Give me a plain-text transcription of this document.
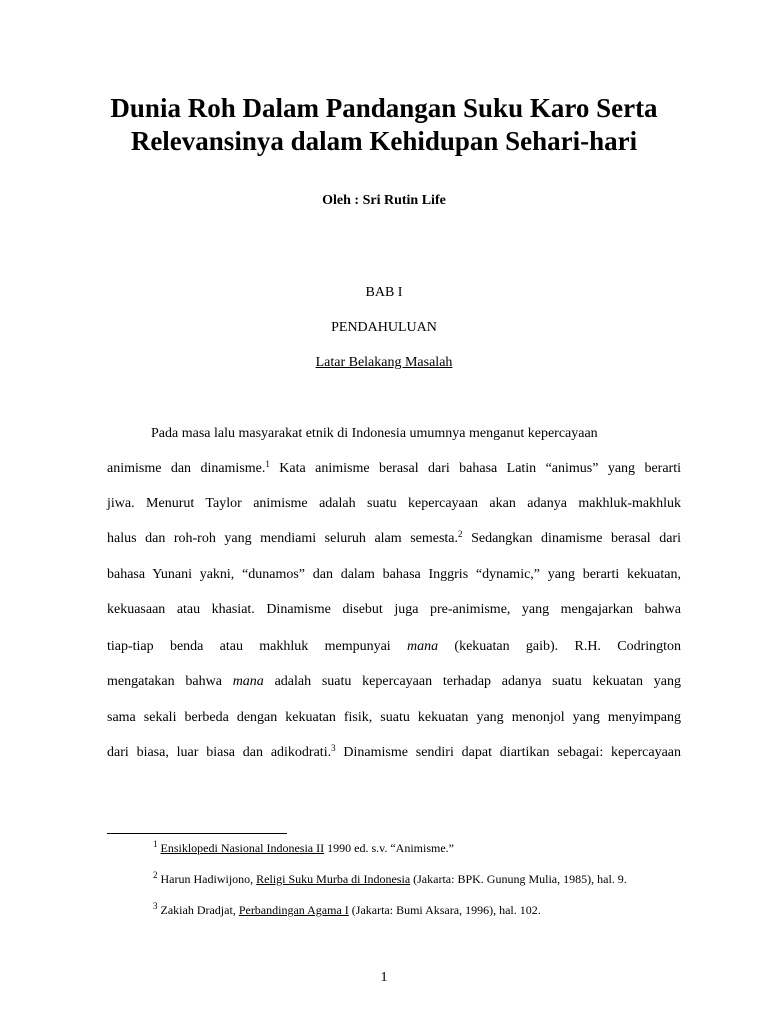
Dunia Roh Dalam Pandangan Suku Karo Serta
Relevansinya dalam Kehidupan Sehari-hari
Oleh : Sri Rutin Life
BAB I
PENDAHULUAN
Latar Belakang Masalah
Pada masa lalu masyarakat etnik di Indonesia umumnya menganut kepercayaan
animisme dan dinamisme.$^1$ Kata animisme berasal dari bahasa Latin “animus” yang berarti
jiwa. Menurut Taylor animisme adalah suatu kepercayaan akan adanya makhluk-makhluk
halus dan roh-roh yang mendiami seluruh alam semesta.$^2$ Sedangkan dinamisme berasal dari
bahasa Yunani yakni, “dunamos” dan dalam bahasa Inggris “dynamic,” yang berarti kekuatan,
kekuasaan atau khasiat. Dinamisme disebut juga pre-animisme, yang mengajarkan bahwa
tiap-tiap benda atau makhluk mempunyai mana (kekuatan gaib). R.H. Codrington
mengatakan bahwa mana adalah suatu kepercayaan terhadap adanya suatu kekuatan yang
sama sekali berbeda dengan kekuatan fisik, suatu kekuatan yang menonjol yang menyimpang
dari biasa, luar biasa dan adikodrati.$^3$ Dinamisme sendiri dapat diartikan sebagai: kepercayaan
$^1$ Ensiklopedi Nasional Indonesia II 1990 ed. s.v. “Animisme.”
$^2$ Harun Hadiwijono, Religi Suku Murba di Indonesia (Jakarta: BPK. Gunung Mulia, 1985), hal. 9.
$^3$ Zakiah Dradjat, Perbandingan Agama I (Jakarta: Bumi Aksara, 1996), hal. 102.
1
